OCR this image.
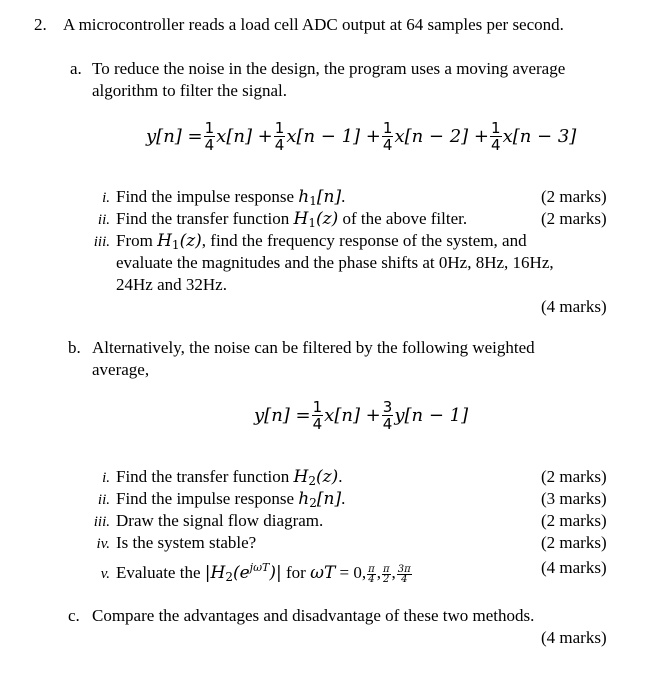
2. A microcontroller reads a load cell ADC output at 64 samples per second.
a. To reduce the noise in the design, the program uses a moving average
algorithm to filter the signal.
$y[n] = \frac{1}{4} x[n] + \frac{1}{4} x[n - 1] + \frac{1}{4} x[n - 2] + \frac{1}{4} x[n - 3]$
i. Find the impulse response $h_1[n]$.	(2 marks)
ii. Find the transfer function $H_1(z)$ of the above filter.	(2 marks)
iii. From $H_1(z)$, find the frequency response of the system, and
evaluate the magnitudes and the phase shifts at 0Hz, 8Hz, 16Hz,
24Hz and 32Hz.
(4 marks)
b. Alternatively, the noise can be filtered by the following weighted
average,
$y[n] = \frac{1}{4} x[n] + \frac{3}{4} y[n - 1]$
i. Find the transfer function $H_2(z)$.	(2 marks)
ii. Find the impulse response $h_2[n]$.	(3 marks)
iii. Draw the signal flow diagram.	(2 marks)
iv. Is the system stable?	(2 marks)
v. Evaluate the $|H_2(e^{j\omega T})|$ for ωT = 0, $\frac{\pi}{4}$ , $\frac{\pi}{2}$ , $\frac{3\pi}{4}$	(4 marks)
c. Compare the advantages and disadvantage of these two methods.
(4 marks)
